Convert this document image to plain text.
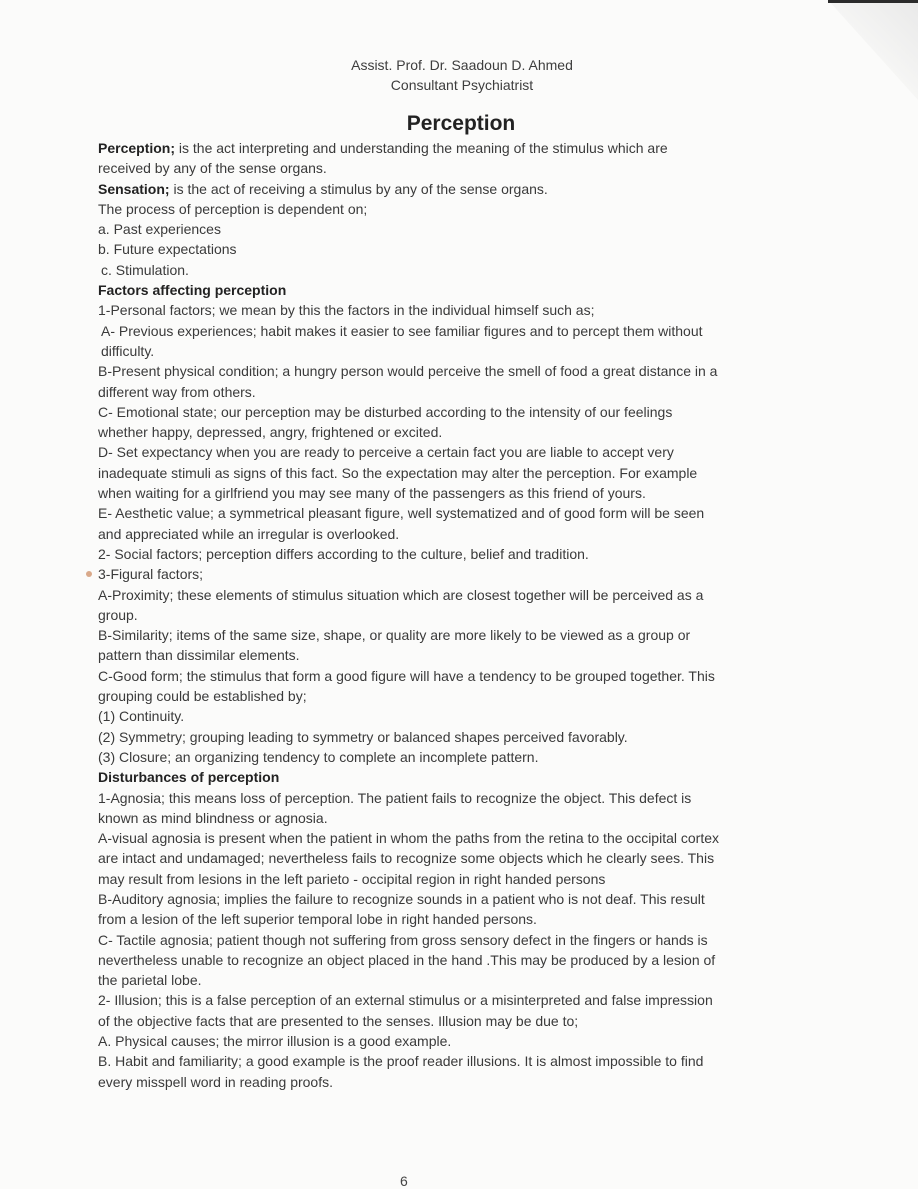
Assist. Prof. Dr. Saadoun D. Ahmed
Consultant Psychiatrist
Perception

Perception; is the act interpreting and understanding the meaning of the stimulus which are received by any of the sense organs.

Sensation; is the act of receiving a stimulus by any of the sense organs.

The process of perception is dependent on;

a. Past experiences

b. Future expectations

c. Stimulation.

Factors affecting perception

1-Personal factors; we mean by this the factors in the individual himself such as;

A- Previous experiences; habit makes it easier to see familiar figures and to percept them without difficulty.

B-Present physical condition; a hungry person would perceive the smell of food a great distance in a different way from others.

C- Emotional state; our perception may be disturbed according to the intensity of our feelings whether happy, depressed, angry, frightened or excited.

D- Set expectancy when you are ready to perceive a certain fact you are liable to accept very inadequate stimuli as signs of this fact. So the expectation may alter the perception. For example when waiting for a girlfriend you may see many of the passengers as this friend of yours.

E- Aesthetic value; a symmetrical pleasant figure, well systematized and of good form will be seen and appreciated while an irregular is overlooked.

2- Social factors; perception differs according to the culture, belief and tradition.

3-Figural factors;

A-Proximity; these elements of stimulus situation which are closest together will be perceived as a group.

B-Similarity; items of the same size, shape, or quality are more likely to be viewed as a group or pattern than dissimilar elements.

C-Good form; the stimulus that form a good figure will have a tendency to be grouped together. This grouping could be established by;

(1) Continuity.

(2) Symmetry; grouping leading to symmetry or balanced shapes perceived favorably.

(3) Closure; an organizing tendency to complete an incomplete pattern.

Disturbances of perception

1-Agnosia; this means loss of perception. The patient fails to recognize the object. This defect is known as mind blindness or agnosia.

A-visual agnosia is present when the patient in whom the paths from the retina to the occipital cortex are intact and undamaged; nevertheless fails to recognize some objects which he clearly sees. This may result from lesions in the left parieto - occipital region in right handed persons

B-Auditory agnosia; implies the failure to recognize sounds in a patient who is not deaf. This result from a lesion of the left superior temporal lobe in right handed persons.

C- Tactile agnosia; patient though not suffering from gross sensory defect in the fingers or hands is nevertheless unable to recognize an object placed in the hand .This may be produced by a lesion of the parietal lobe.

2- Illusion; this is a false perception of an external stimulus or a misinterpreted and false impression of the objective facts that are presented to the senses. Illusion may be due to;

A. Physical causes; the mirror illusion is a good example.

B. Habit and familiarity; a good example is the proof reader illusions. It is almost impossible to find every misspell word in reading proofs.

6
